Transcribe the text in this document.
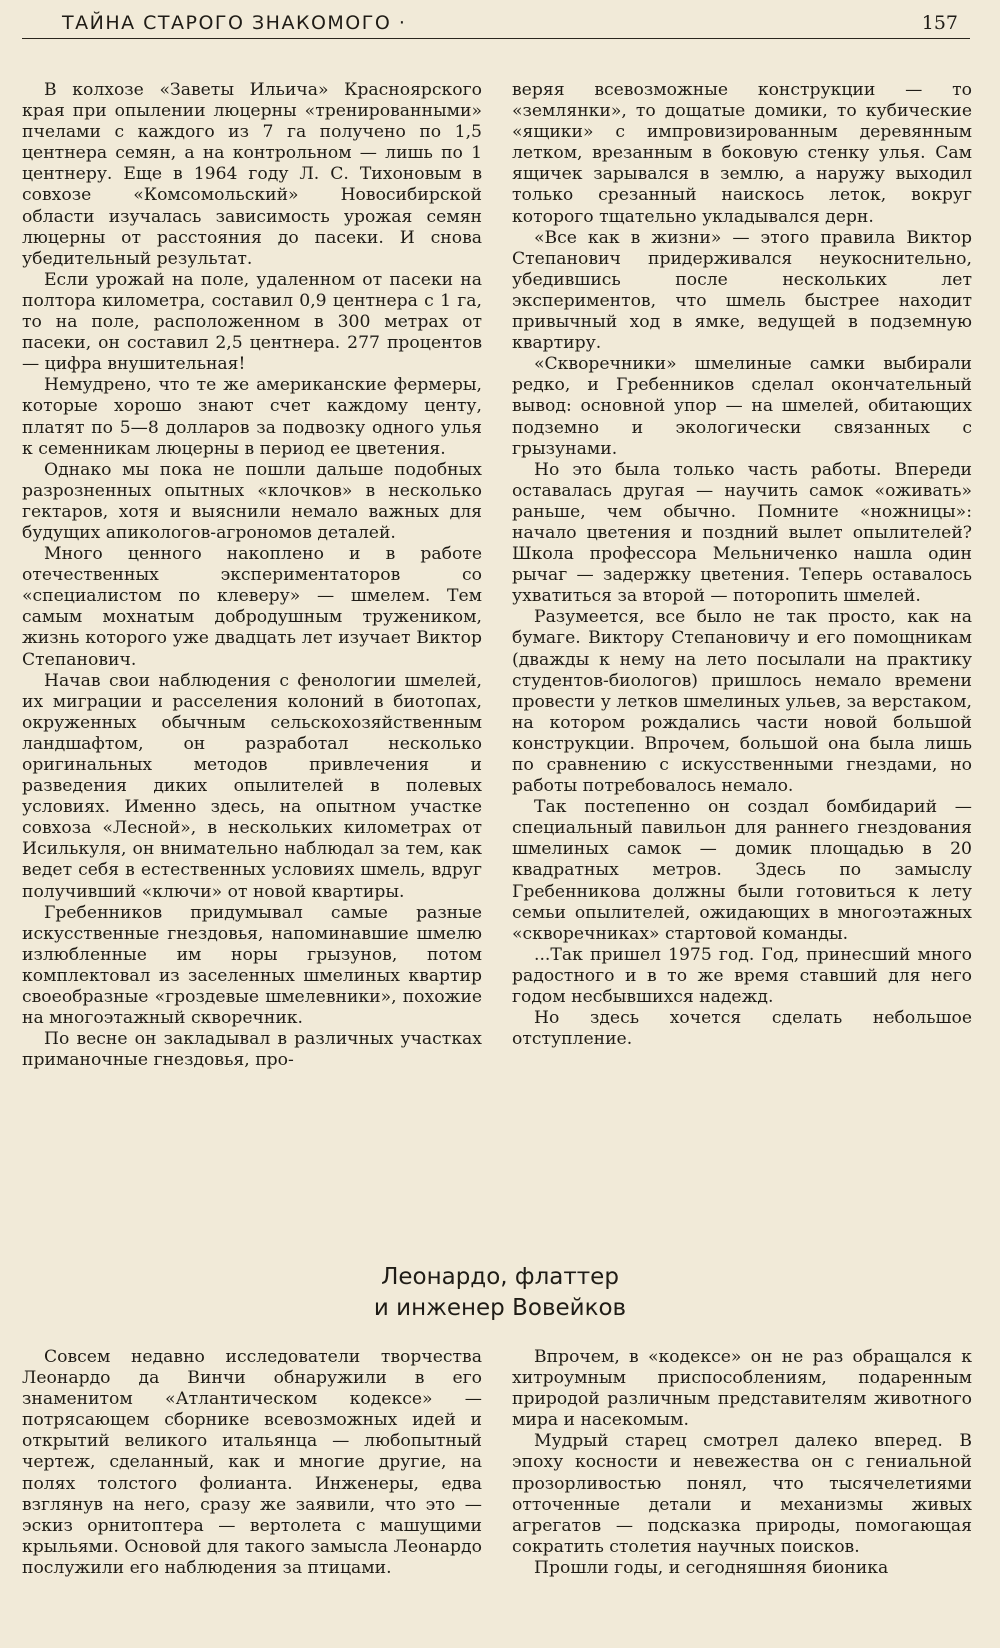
ТАЙНА СТАРОГО ЗНАКОМОГО ·	157

В колхозе «Заветы Ильича» Красноярского края при опылении люцерны «тренированными» пчелами с каждого из 7 га получено по 1,5 центнера семян, а на контрольном — лишь по 1 центнеру. Еще в 1964 году Л. С. Тихоновым в совхозе «Комсомольский» Новосибирской области изучалась зависимость урожая семян люцерны от расстояния до пасеки. И снова убедительный результат.

Если урожай на поле, удаленном от пасеки на полтора километра, составил 0,9 центнера с 1 га, то на поле, расположенном в 300 метрах от пасеки, он составил 2,5 центнера. 277 процентов — цифра внушительная!

Немудрено, что те же американские фермеры, которые хорошо знают счет каждому центу, платят по 5—8 долларов за подвозку одного улья к семенникам люцерны в период ее цветения.

Однако мы пока не пошли дальше подобных разрозненных опытных «клочков» в несколько гектаров, хотя и выяснили немало важных для будущих апикологов-агрономов деталей.

Много ценного накоплено и в работе отечественных экспериментаторов со «специалистом по клеверу» — шмелем. Тем самым мохнатым добродушным тружеником, жизнь которого уже двадцать лет изучает Виктор Степанович.

Начав свои наблюдения с фенологии шмелей, их миграции и расселения колоний в биотопах, окруженных обычным сельскохозяйственным ландшафтом, он разработал несколько оригинальных методов привлечения и разведения диких опылителей в полевых условиях. Именно здесь, на опытном участке совхоза «Лесной», в нескольких километрах от Исилькуля, он внимательно наблюдал за тем, как ведет себя в естественных условиях шмель, вдруг получивший «ключи» от новой квартиры.

Гребенников придумывал самые разные искусственные гнездовья, напоминавшие шмелю излюбленные им норы грызунов, потом комплектовал из заселенных шмелиных квартир своеобразные «гроздевые шмелевники», похожие на многоэтажный скворечник.

По весне он закладывал в различных участках приманочные гнездовья, про-

веряя всевозможные конструкции — то «землянки», то дощатые домики, то кубические «ящики» с импровизированным деревянным летком, врезанным в боковую стенку улья. Сам ящичек зарывался в землю, а наружу выходил только срезанный наискось леток, вокруг которого тщательно укладывался дерн.

«Все как в жизни» — этого правила Виктор Степанович придерживался неукоснительно, убедившись после нескольких лет экспериментов, что шмель быстрее находит привычный ход в ямке, ведущей в подземную квартиру.

«Скворечники» шмелиные самки выбирали редко, и Гребенников сделал окончательный вывод: основной упор — на шмелей, обитающих подземно и экологически связанных с грызунами.

Но это была только часть работы. Впереди оставалась другая — научить самок «оживать» раньше, чем обычно. Помните «ножницы»: начало цветения и поздний вылет опылителей? Школа профессора Мельниченко нашла один рычаг — задержку цветения. Теперь оставалось ухватиться за второй — поторопить шмелей.

Разумеется, все было не так просто, как на бумаге. Виктору Степановичу и его помощникам (дважды к нему на лето посылали на практику студентов-биологов) пришлось немало времени провести у летков шмелиных ульев, за верстаком, на котором рождались части новой большой конструкции. Впрочем, большой она была лишь по сравнению с искусственными гнездами, но работы потребовалось немало.

Так постепенно он создал бомбидарий — специальный павильон для раннего гнездования шмелиных самок — домик площадью в 20 квадратных метров. Здесь по замыслу Гребенникова должны были готовиться к лету семьи опылителей, ожидающих в многоэтажных «скворечниках» стартовой команды.

...Так пришел 1975 год. Год, принесший много радостного и в то же время ставший для него годом несбывшихся надежд.

Но здесь хочется сделать небольшое отступление.

Леонардо, флаттер
и инженер Вовейков

Совсем недавно исследователи творчества Леонардо да Винчи обнаружили в его знаменитом «Атлантическом кодексе» — потрясающем сборнике всевозможных идей и открытий великого итальянца — любопытный чертеж, сделанный, как и многие другие, на полях толстого фолианта. Инженеры, едва взглянув на него, сразу же заявили, что это — эскиз орнитоптера — вертолета с машущими крыльями. Основой для такого замысла Леонардо послужили его наблюдения за птицами.

Впрочем, в «кодексе» он не раз обращался к хитроумным приспособлениям, подаренным природой различным представителям животного мира и насекомым.

Мудрый старец смотрел далеко вперед. В эпоху косности и невежества он с гениальной прозорливостью понял, что тысячелетиями отточенные детали и механизмы живых агрегатов — подсказка природы, помогающая сократить столетия научных поисков.

Прошли годы, и сегодняшняя бионика
